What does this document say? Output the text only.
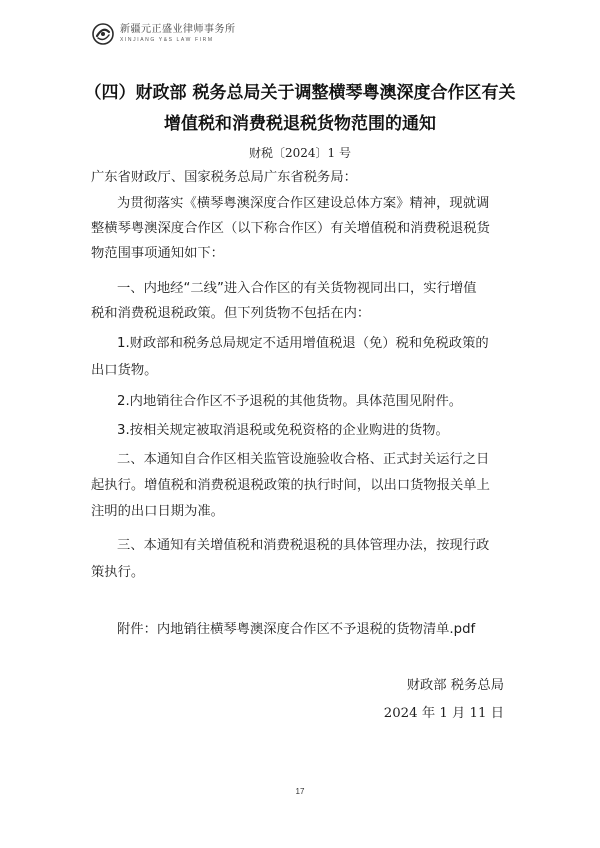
新疆元正盛业律师事务所
XINJIANG Y&S LAW FIRM
（四）财政部 税务总局关于调整横琴粤澳深度合作区有关
增值税和消费税退税货物范围的通知
财税〔2024〕1 号

广东省财政厅、国家税务总局广东省税务局：

为贯彻落实《横琴粤澳深度合作区建设总体方案》精神，现就调

整横琴粤澳深度合作区（以下称合作区）有关增值税和消费税退税货

物范围事项通知如下：

一、内地经“二线”进入合作区的有关货物视同出口，实行增值

税和消费税退税政策。但下列货物不包括在内：

1.财政部和税务总局规定不适用增值税退（免）税和免税政策的

出口货物。

2.内地销往合作区不予退税的其他货物。具体范围见附件。

3.按相关规定被取消退税或免税资格的企业购进的货物。

二、本通知自合作区相关监管设施验收合格、正式封关运行之日

起执行。增值税和消费税退税政策的执行时间，以出口货物报关单上

注明的出口日期为准。

三、本通知有关增值税和消费税退税的具体管理办法，按现行政

策执行。

附件：内地销往横琴粤澳深度合作区不予退税的货物清单.pdf

财政部 税务总局

2024 年 1 月 11 日

17
